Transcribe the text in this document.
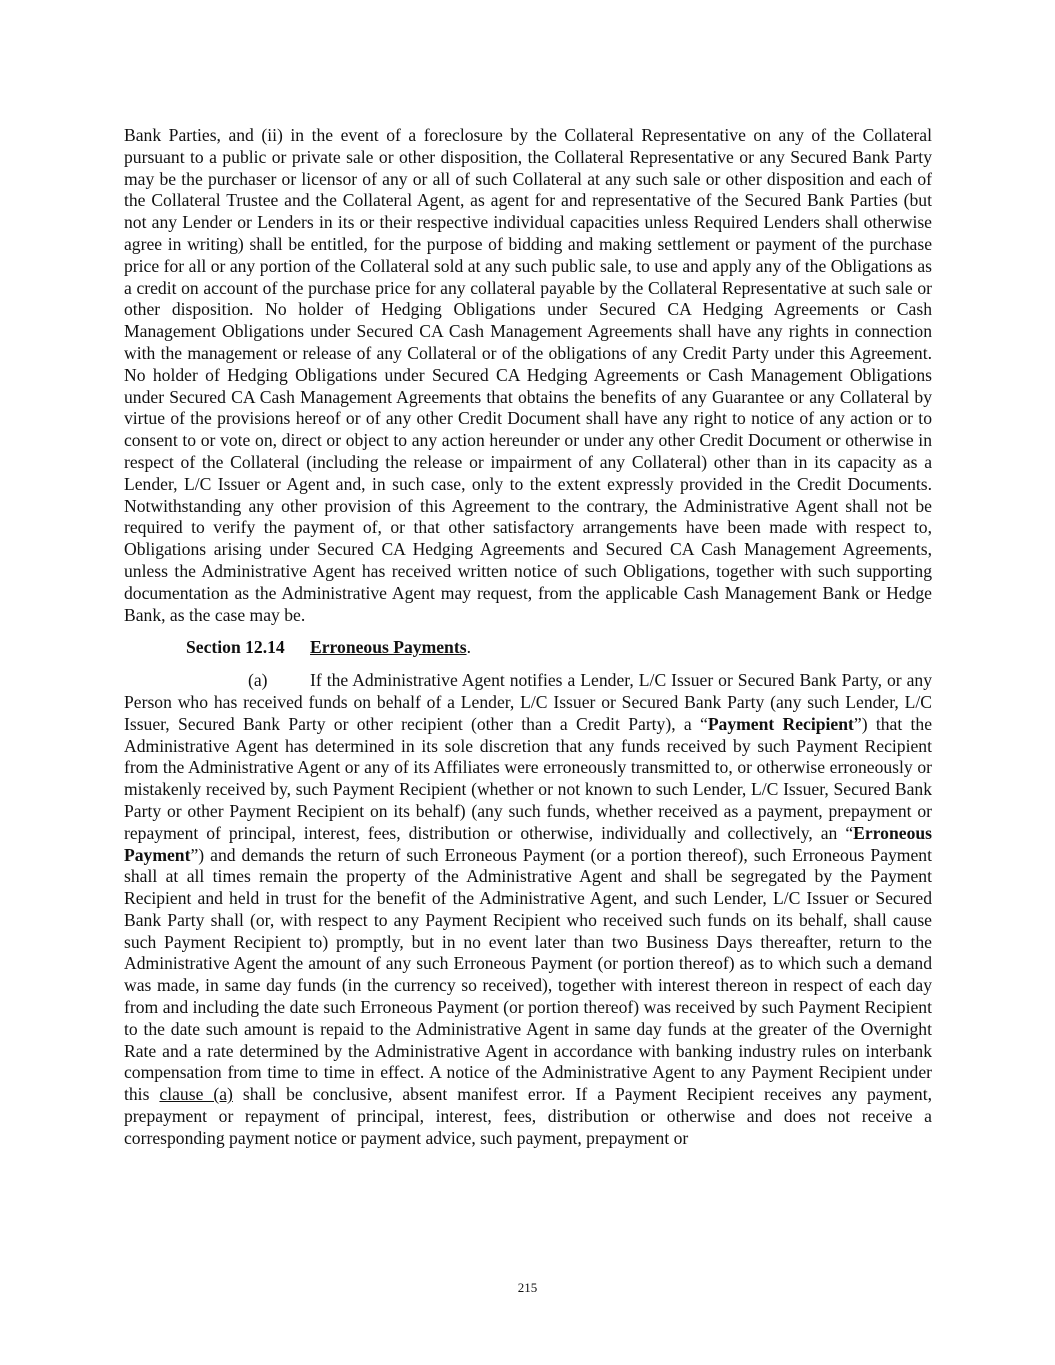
Bank Parties, and (ii) in the event of a foreclosure by the Collateral Representative on any of the Collateral pursuant to a public or private sale or other disposition, the Collateral Representative or any Secured Bank Party may be the purchaser or licensor of any or all of such Collateral at any such sale or other disposition and each of the Collateral Trustee and the Collateral Agent, as agent for and representative of the Secured Bank Parties (but not any Lender or Lenders in its or their respective individual capacities unless Required Lenders shall otherwise agree in writing) shall be entitled, for the purpose of bidding and making settlement or payment of the purchase price for all or any portion of the Collateral sold at any such public sale, to use and apply any of the Obligations as a credit on account of the purchase price for any collateral payable by the Collateral Representative at such sale or other disposition. No holder of Hedging Obligations under Secured CA Hedging Agreements or Cash Management Obligations under Secured CA Cash Management Agreements shall have any rights in connection with the management or release of any Collateral or of the obligations of any Credit Party under this Agreement. No holder of Hedging Obligations under Secured CA Hedging Agreements or Cash Management Obligations under Secured CA Cash Management Agreements that obtains the benefits of any Guarantee or any Collateral by virtue of the provisions hereof or of any other Credit Document shall have any right to notice of any action or to consent to or vote on, direct or object to any action hereunder or under any other Credit Document or otherwise in respect of the Collateral (including the release or impairment of any Collateral) other than in its capacity as a Lender, L/C Issuer or Agent and, in such case, only to the extent expressly provided in the Credit Documents. Notwithstanding any other provision of this Agreement to the contrary, the Administrative Agent shall not be required to verify the payment of, or that other satisfactory arrangements have been made with respect to, Obligations arising under Secured CA Hedging Agreements and Secured CA Cash Management Agreements, unless the Administrative Agent has received written notice of such Obligations, together with such supporting documentation as the Administrative Agent may request, from the applicable Cash Management Bank or Hedge Bank, as the case may be.

Section 12.14 Erroneous Payments.

(a) If the Administrative Agent notifies a Lender, L/C Issuer or Secured Bank Party, or any Person who has received funds on behalf of a Lender, L/C Issuer or Secured Bank Party (any such Lender, L/C Issuer, Secured Bank Party or other recipient (other than a Credit Party), a “Payment Recipient”) that the Administrative Agent has determined in its sole discretion that any funds received by such Payment Recipient from the Administrative Agent or any of its Affiliates were erroneously transmitted to, or otherwise erroneously or mistakenly received by, such Payment Recipient (whether or not known to such Lender, L/C Issuer, Secured Bank Party or other Payment Recipient on its behalf) (any such funds, whether received as a payment, prepayment or repayment of principal, interest, fees, distribution or otherwise, individually and collectively, an “Erroneous Payment”) and demands the return of such Erroneous Payment (or a portion thereof), such Erroneous Payment shall at all times remain the property of the Administrative Agent and shall be segregated by the Payment Recipient and held in trust for the benefit of the Administrative Agent, and such Lender, L/C Issuer or Secured Bank Party shall (or, with respect to any Payment Recipient who received such funds on its behalf, shall cause such Payment Recipient to) promptly, but in no event later than two Business Days thereafter, return to the Administrative Agent the amount of any such Erroneous Payment (or portion thereof) as to which such a demand was made, in same day funds (in the currency so received), together with interest thereon in respect of each day from and including the date such Erroneous Payment (or portion thereof) was received by such Payment Recipient to the date such amount is repaid to the Administrative Agent in same day funds at the greater of the Overnight Rate and a rate determined by the Administrative Agent in accordance with banking industry rules on interbank compensation from time to time in effect. A notice of the Administrative Agent to any Payment Recipient under this clause (a) shall be conclusive, absent manifest error. If a Payment Recipient receives any payment, prepayment or repayment of principal, interest, fees, distribution or otherwise and does not receive a corresponding payment notice or payment advice, such payment, prepayment or

215
